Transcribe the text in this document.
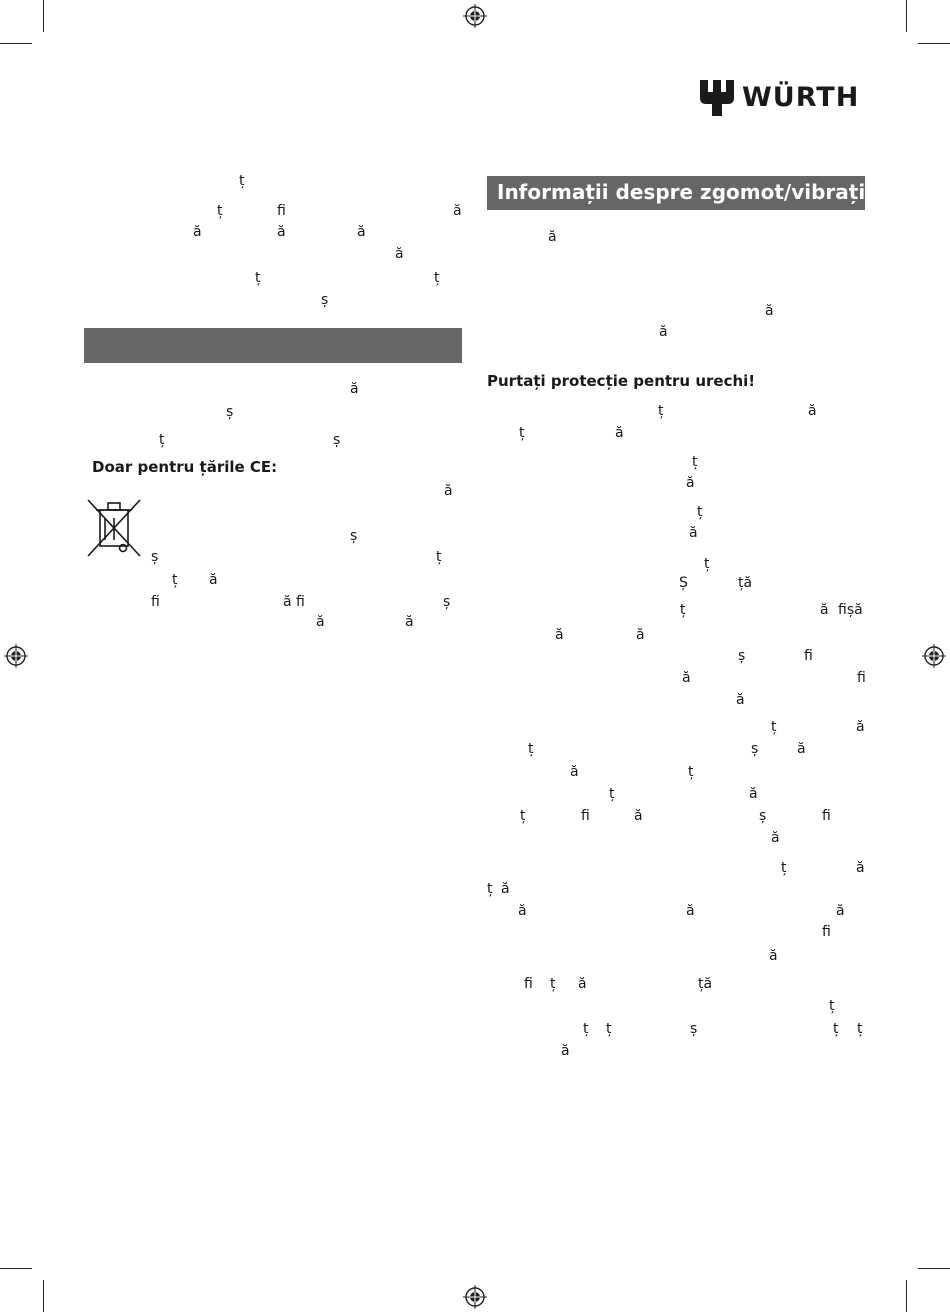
WÜRTH
Informații despre zgomot/vibrații
Doar pentru țările CE:
Purtați protecție pentru urechi!
ț
ț	fi	ă
ă	ă	ă
ă
ț	ț
ș
ă
ș
ț	ș
ă
ș
ș	ț
ț ă
fi	ă fi	ș
ă	ă
ă
ă
ă
ț	ă
ț	ă
ț
ă
ț
ă
ț
Ș	ță
ț	ă fișă
ă	ă
ș	fi
ă	fi
ă
ț	ă
ț	ș	ă
ă	ț
ț	ă
ț	fi	ă	ș	fi
ă
ț	ă
ț ă
ă	ă	ă
fi
ă
fi ț ă	ță
ț
ț ț	ș	ț ț
ă
